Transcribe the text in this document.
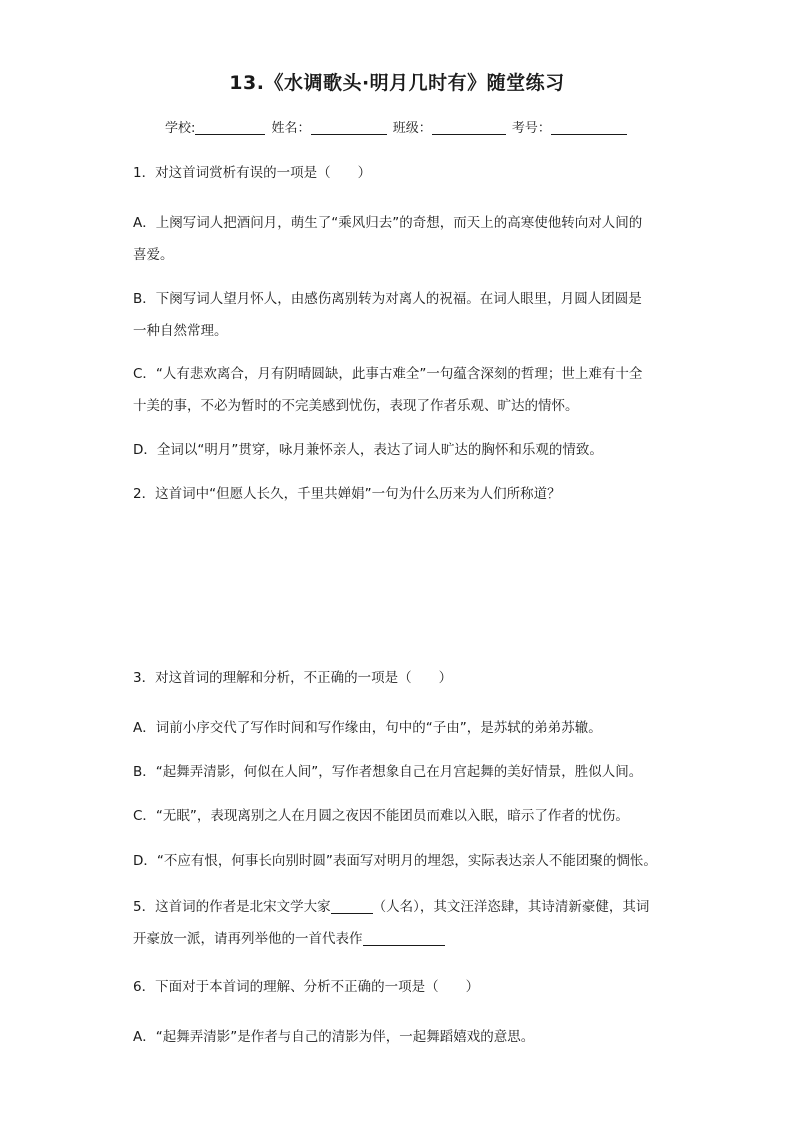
13.《水调歌头·明月几时有》随堂练习
学校:	姓名：	班级：	考号：
1．对这首词赏析有误的一项是（　　）
A．上阕写词人把酒问月，萌生了“乘风归去”的奇想，而天上的高寒使他转向对人间的
喜爱。
B．下阕写词人望月怀人，由感伤离别转为对离人的祝福。在词人眼里，月圆人团圆是
一种自然常理。
C．“人有悲欢离合，月有阴晴圆缺，此事古难全”一句蕴含深刻的哲理；世上难有十全
十美的事，不必为暂时的不完美感到忧伤，表现了作者乐观、旷达的情怀。
D．全词以“明月”贯穿，咏月兼怀亲人，表达了词人旷达的胸怀和乐观的情致。
2．这首词中“但愿人长久，千里共婵娟”一句为什么历来为人们所称道？
3．对这首词的理解和分析，不正确的一项是（　　）
A．词前小序交代了写作时间和写作缘由，句中的“子由”，是苏轼的弟弟苏辙。
B．“起舞弄清影，何似在人间”，写作者想象自己在月宫起舞的美好情景，胜似人间。
C．“无眠”，表现离别之人在月圆之夜因不能团员而难以入眠，暗示了作者的忧伤。
D．“不应有恨，何事长向别时圆”表面写对明月的埋怨，实际表达亲人不能团聚的惆怅。
5．这首词的作者是北宋文学大家	（人名），其文汪洋恣肆，其诗清新豪健，其词
开豪放一派，请再列举他的一首代表作
6．下面对于本首词的理解、分析不正确的一项是（　　）
A．“起舞弄清影”是作者与自己的清影为伴，一起舞蹈嬉戏的意思。
